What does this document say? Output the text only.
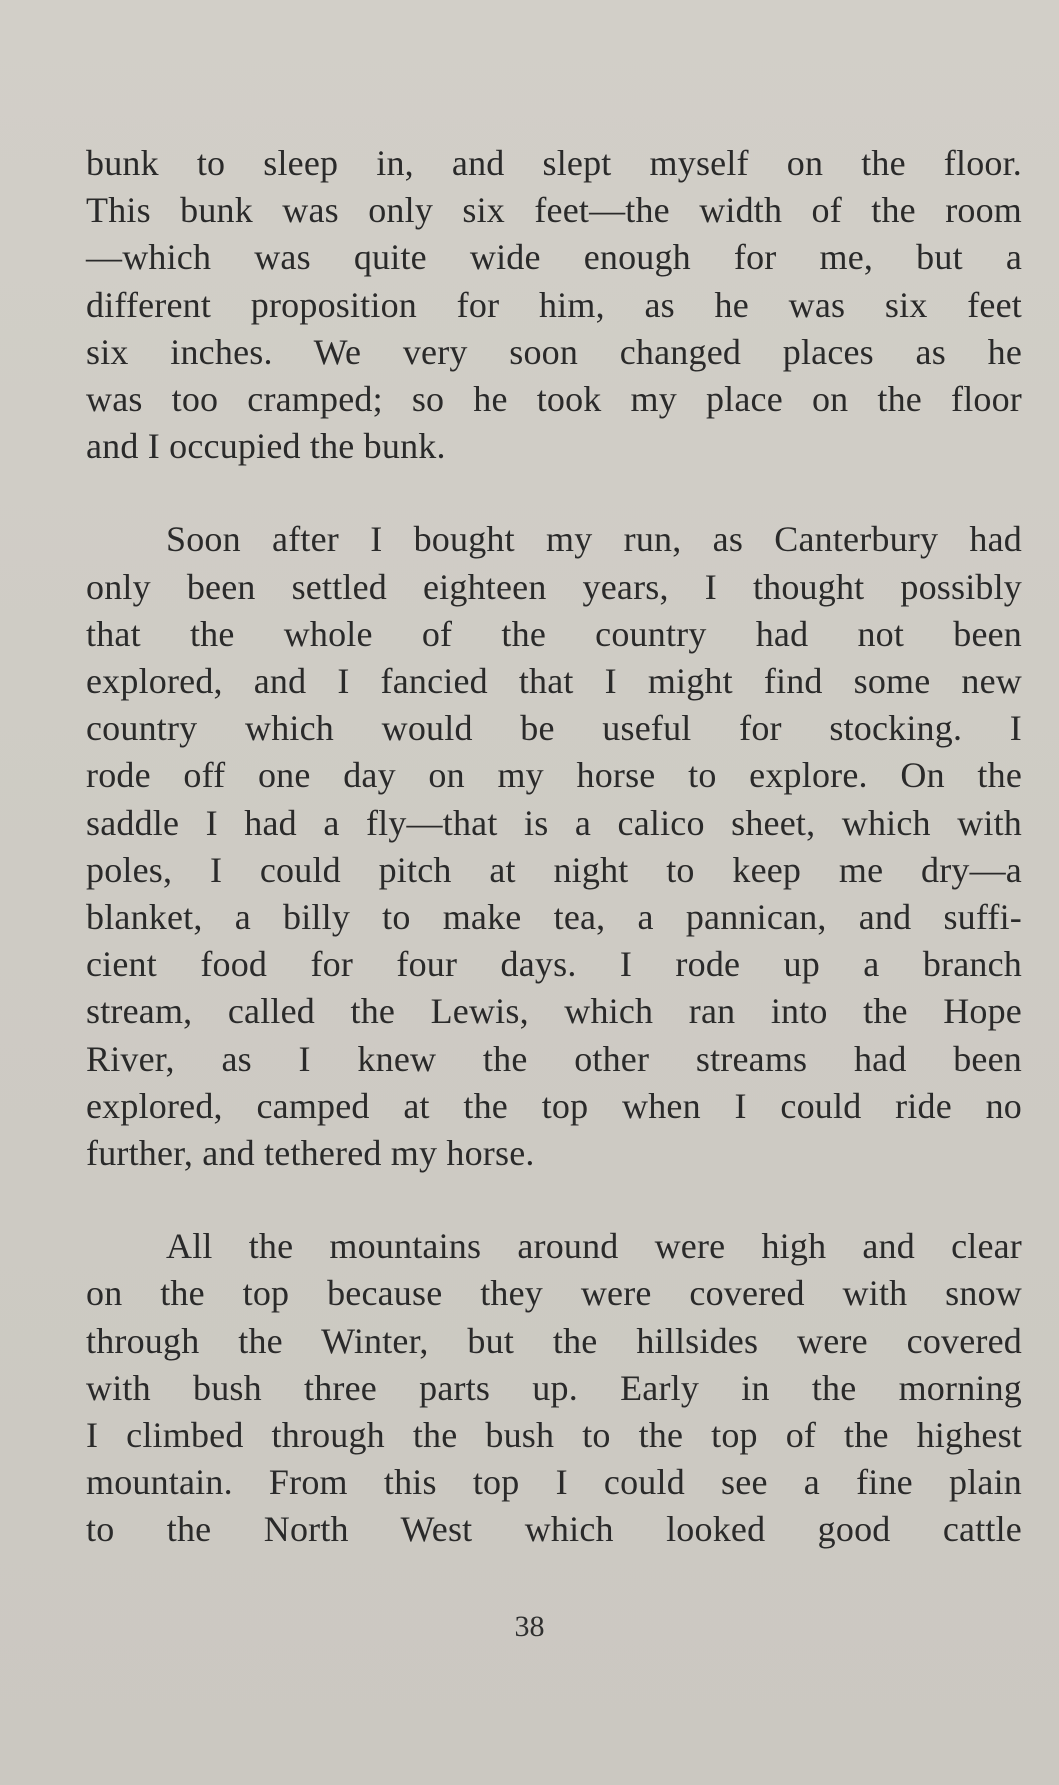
bunk to sleep in, and slept myself on the floor.
This bunk was only six feet—the width of the room
—which was quite wide enough for me, but a
different proposition for him, as he was six feet
six inches. We very soon changed places as he
was too cramped; so he took my place on the floor
and I occupied the bunk.
Soon after I bought my run, as Canterbury had
only been settled eighteen years, I thought possibly
that the whole of the country had not been
explored, and I fancied that I might find some new
country which would be useful for stocking. I
rode off one day on my horse to explore. On the
saddle I had a fly—that is a calico sheet, which with
poles, I could pitch at night to keep me dry—a
blanket, a billy to make tea, a pannican, and suffi-
cient food for four days. I rode up a branch
stream, called the Lewis, which ran into the Hope
River, as I knew the other streams had been
explored, camped at the top when I could ride no
further, and tethered my horse.
All the mountains around were high and clear
on the top because they were covered with snow
through the Winter, but the hillsides were covered
with bush three parts up. Early in the morning
I climbed through the bush to the top of the highest
mountain. From this top I could see a fine plain
to the North West which looked good cattle
38
